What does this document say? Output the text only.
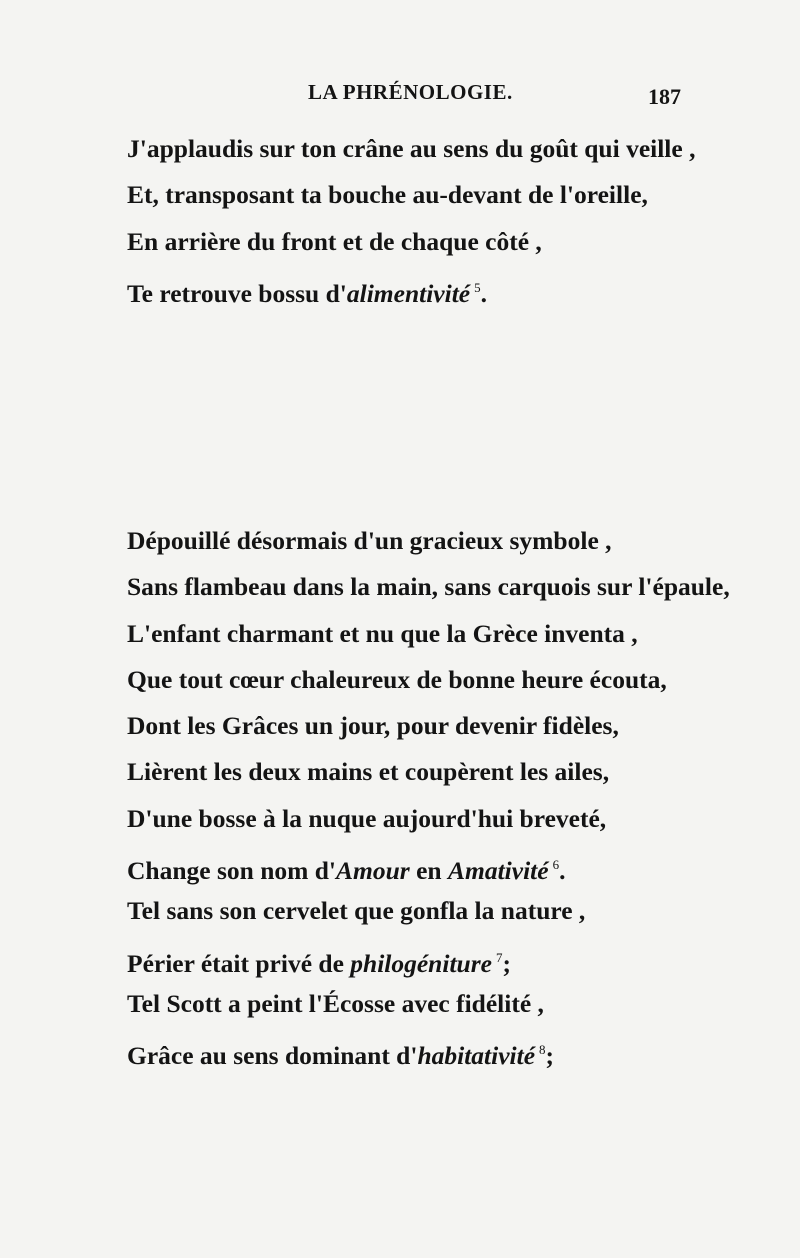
LA PHRÉNOLOGIE.	187
J'applaudis sur ton crâne au sens du goût qui veille ,
Et, transposant ta bouche au-devant de l'oreille,
En arrière du front et de chaque côté ,
Te retrouve bossu d'alimentivité $^5$.
Dépouillé désormais d'un gracieux symbole ,
Sans flambeau dans la main, sans carquois sur l'épaule,
L'enfant charmant et nu que la Grèce inventa ,
Que tout cœur chaleureux de bonne heure écouta,
Dont les Grâces un jour, pour devenir fidèles,
Lièrent les deux mains et coupèrent les ailes,
D'une bosse à la nuque aujourd'hui breveté,
Change son nom d'Amour en Amativité $^6$.
Tel sans son cervelet que gonfla la nature ,
Périer était privé de philogéniture $^7$;
Tel Scott a peint l'Écosse avec fidélité ,
Grâce au sens dominant d'habitativité $^8$;
